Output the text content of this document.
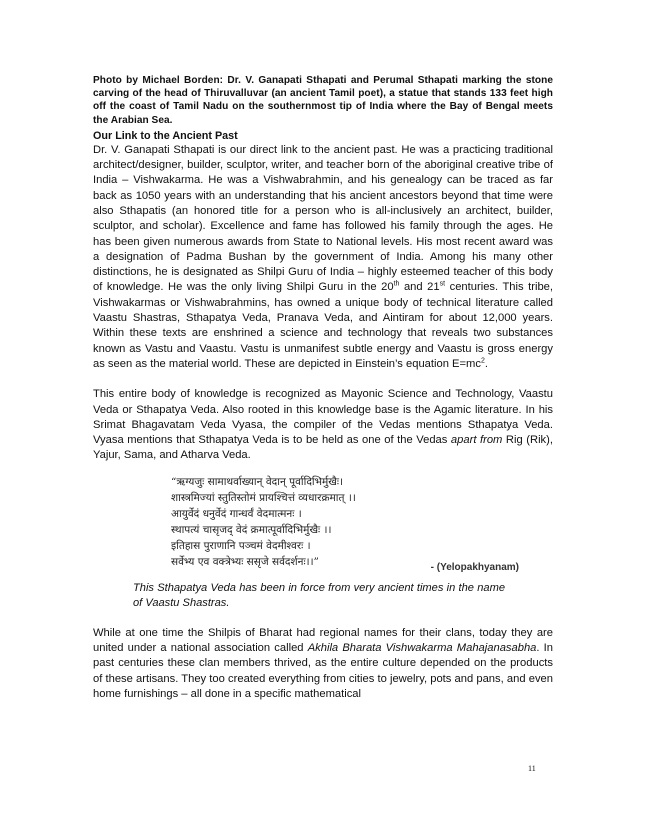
Photo by Michael Borden: Dr. V. Ganapati Sthapati and Perumal Sthapati marking the stone carving of the head of Thiruvalluvar (an ancient Tamil poet), a statue that stands 133 feet high off the coast of Tamil Nadu on the southernmost tip of India where the Bay of Bengal meets the Arabian Sea.

Our Link to the Ancient Past

Dr. V. Ganapati Sthapati is our direct link to the ancient past. He was a practicing traditional architect/designer, builder, sculptor, writer, and teacher born of the aboriginal creative tribe of India – Vishwakarma. He was a Vishwabrahmin, and his genealogy can be traced as far back as 1050 years with an understanding that his ancient ancestors beyond that time were also Sthapatis (an honored title for a person who is all-inclusively an architect, builder, sculptor, and scholar). Excellence and fame has followed his family through the ages. He has been given numerous awards from State to National levels. His most recent award was a designation of Padma Bushan by the government of India. Among his many other distinctions, he is designated as Shilpi Guru of India – highly esteemed teacher of this body of knowledge. He was the only living Shilpi Guru in the 20th and 21st centuries. This tribe, Vishwakarmas or Vishwabrahmins, has owned a unique body of technical literature called Vaastu Shastras, Sthapatya Veda, Pranava Veda, and Aintiram for about 12,000 years. Within these texts are enshrined a science and technology that reveals two substances known as Vastu and Vaastu. Vastu is unmanifest subtle energy and Vaastu is gross energy as seen as the material world. These are depicted in Einstein’s equation $E=mc^2$.

This entire body of knowledge is recognized as Mayonic Science and Technology, Vaastu Veda or Sthapatya Veda. Also rooted in this knowledge base is the Agamic literature. In his Srimat Bhagavatam Veda Vyasa, the compiler of the Vedas mentions Sthapatya Veda. Vyasa mentions that Sthapatya Veda is to be held as one of the Vedas apart from Rig (Rik), Yajur, Sama, and Atharva Veda.

“ऋग्यजुः सामाथर्वाख्यान् वेदान् पूर्वादिभिर्मुखैः।
शास्त्रमिज्यां स्तुतिस्तोमं प्रायश्चित्तं व्यधारक्रमात् ।।
आयुर्वेदं धनुर्वेदं गान्धर्वं वेदमात्मनः ।
स्थापत्यं चासृजद् वेदं क्रमात्पूर्वादिभिर्मुखैः ।।
इतिहास पुराणानि पञ्चमं वेदमीश्वरः ।
सर्वेभ्य एव वक्त्रेभ्यः ससृजे सर्वदर्शनः।।”	- (Yelopakhyanam)

This Sthapatya Veda has been in force from very ancient times in the name of Vaastu Shastras.

While at one time the Shilpis of Bharat had regional names for their clans, today they are united under a national association called Akhila Bharata Vishwakarma Mahajanasabha. In past centuries these clan members thrived, as the entire culture depended on the products of these artisans. They too created everything from cities to jewelry, pots and pans, and even home furnishings – all done in a specific mathematical

11
